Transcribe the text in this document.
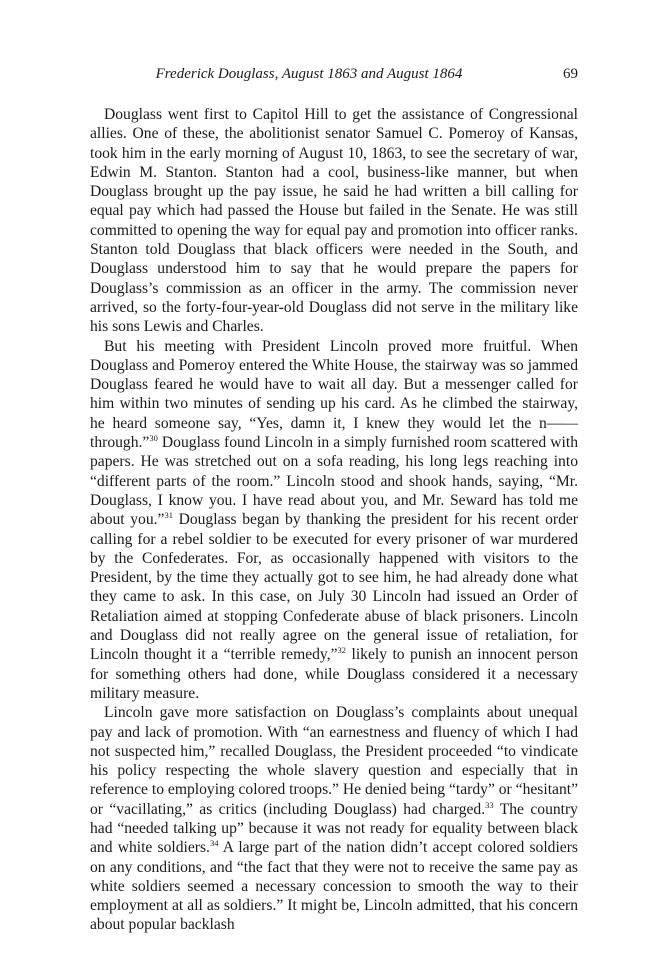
Frederick Douglass, August 1863 and August 1864	69

Douglass went first to Capitol Hill to get the assistance of Congressional allies. One of these, the abolitionist senator Samuel C. Pomeroy of Kansas, took him in the early morning of August 10, 1863, to see the secretary of war, Edwin M. Stanton. Stanton had a cool, business-like manner, but when Douglass brought up the pay issue, he said he had written a bill calling for equal pay which had passed the House but failed in the Senate. He was still committed to opening the way for equal pay and promotion into officer ranks. Stanton told Douglass that black officers were needed in the South, and Douglass understood him to say that he would prepare the papers for Douglass’s commission as an officer in the army. The commission never arrived, so the forty-four-year-old Douglass did not serve in the military like his sons Lewis and Charles.

But his meeting with President Lincoln proved more fruitful. When Douglass and Pomeroy entered the White House, the stairway was so jammed Douglass feared he would have to wait all day. But a messenger called for him within two minutes of sending up his card. As he climbed the stairway, he heard someone say, “Yes, damn it, I knew they would let the n—— through.”$^{30}$ Douglass found Lincoln in a simply furnished room scattered with papers. He was stretched out on a sofa reading, his long legs reaching into “different parts of the room.” Lincoln stood and shook hands, saying, “Mr. Douglass, I know you. I have read about you, and Mr. Seward has told me about you.”$^{31}$ Douglass began by thanking the president for his recent order calling for a rebel soldier to be executed for every prisoner of war murdered by the Confederates. For, as occasionally happened with visitors to the President, by the time they actually got to see him, he had already done what they came to ask. In this case, on July 30 Lincoln had issued an Order of Retaliation aimed at stopping Confederate abuse of black prisoners. Lincoln and Douglass did not really agree on the general issue of retaliation, for Lincoln thought it a “terrible remedy,”$^{32}$ likely to punish an innocent person for something others had done, while Douglass considered it a necessary military measure.

Lincoln gave more satisfaction on Douglass’s complaints about unequal pay and lack of promotion. With “an earnestness and fluency of which I had not suspected him,” recalled Douglass, the President proceeded “to vindicate his policy respecting the whole slavery question and especially that in reference to employing colored troops.” He denied being “tardy” or “hesitant” or “vacillating,” as critics (including Douglass) had charged.$^{33}$ The country had “needed talking up” because it was not ready for equality between black and white soldiers.$^{34}$ A large part of the nation didn’t accept colored soldiers on any conditions, and “the fact that they were not to receive the same pay as white soldiers seemed a necessary concession to smooth the way to their employment at all as soldiers.” It might be, Lincoln admitted, that his concern about popular backlash
